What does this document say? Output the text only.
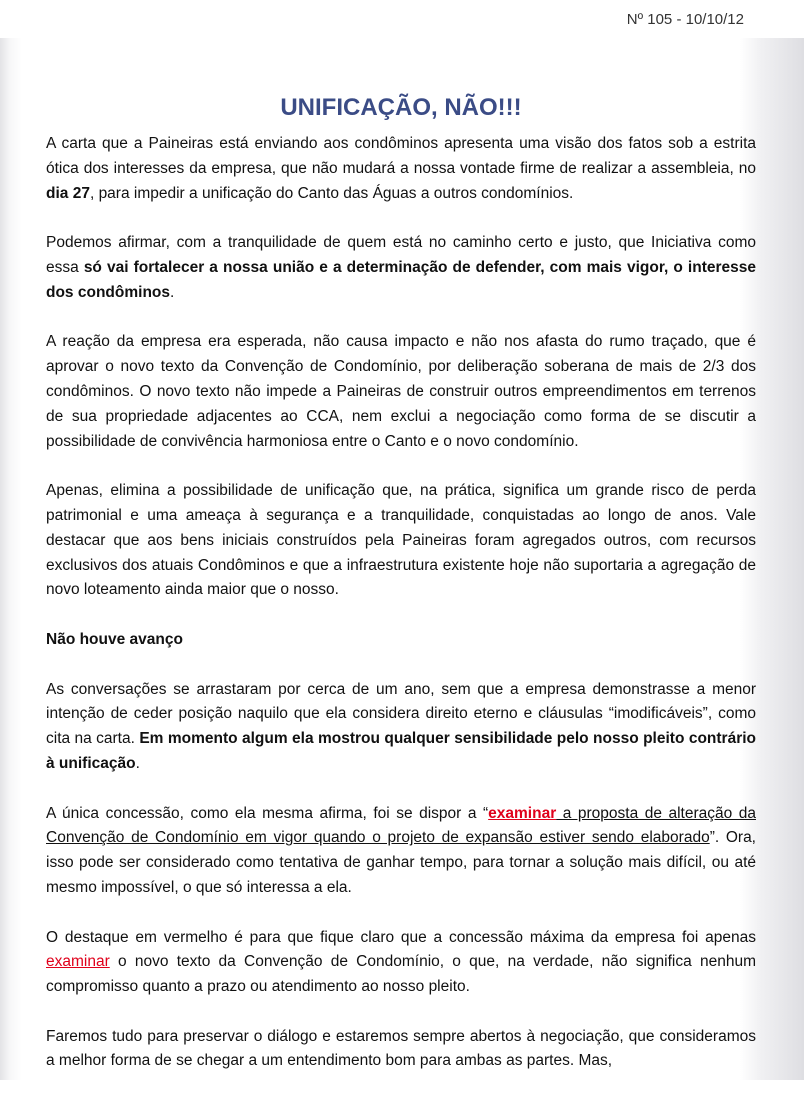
Nº 105 - 10/10/12
UNIFICAÇÃO, NÃO!!!

A carta que a Paineiras está enviando aos condôminos apresenta uma visão dos fatos sob a estrita ótica dos interesses da empresa, que não mudará a nossa vontade firme de realizar a assembleia, no dia 27, para impedir a unificação do Canto das Águas a outros condomínios.

Podemos afirmar, com a tranquilidade de quem está no caminho certo e justo, que Iniciativa como essa só vai fortalecer a nossa união e a determinação de defender, com mais vigor, o interesse dos condôminos.

A reação da empresa era esperada, não causa impacto e não nos afasta do rumo traçado, que é aprovar o novo texto da Convenção de Condomínio, por deliberação soberana de mais de 2/3 dos condôminos. O novo texto não impede a Paineiras de construir outros empreendimentos em terrenos de sua propriedade adjacentes ao CCA, nem exclui a negociação como forma de se discutir a possibilidade de convivência harmoniosa entre o Canto e o novo condomínio.

Apenas, elimina a possibilidade de unificação que, na prática, significa um grande risco de perda patrimonial e uma ameaça à segurança e a tranquilidade, conquistadas ao longo de anos. Vale destacar que aos bens iniciais construídos pela Paineiras foram agregados outros, com recursos exclusivos dos atuais Condôminos e que a infraestrutura existente hoje não suportaria a agregação de novo loteamento ainda maior que o nosso.

Não houve avanço

As conversações se arrastaram por cerca de um ano, sem que a empresa demonstrasse a menor intenção de ceder posição naquilo que ela considera direito eterno e cláusulas “imodificáveis”, como cita na carta. Em momento algum ela mostrou qualquer sensibilidade pelo nosso pleito contrário à unificação.

A única concessão, como ela mesma afirma, foi se dispor a “examinar a proposta de alteração da Convenção de Condomínio em vigor quando o projeto de expansão estiver sendo elaborado”. Ora, isso pode ser considerado como tentativa de ganhar tempo, para tornar a solução mais difícil, ou até mesmo impossível, o que só interessa a ela.

O destaque em vermelho é para que fique claro que a concessão máxima da empresa foi apenas examinar o novo texto da Convenção de Condomínio, o que, na verdade, não significa nenhum compromisso quanto a prazo ou atendimento ao nosso pleito.

Faremos tudo para preservar o diálogo e estaremos sempre abertos à negociação, que consideramos a melhor forma de se chegar a um entendimento bom para ambas as partes. Mas,
